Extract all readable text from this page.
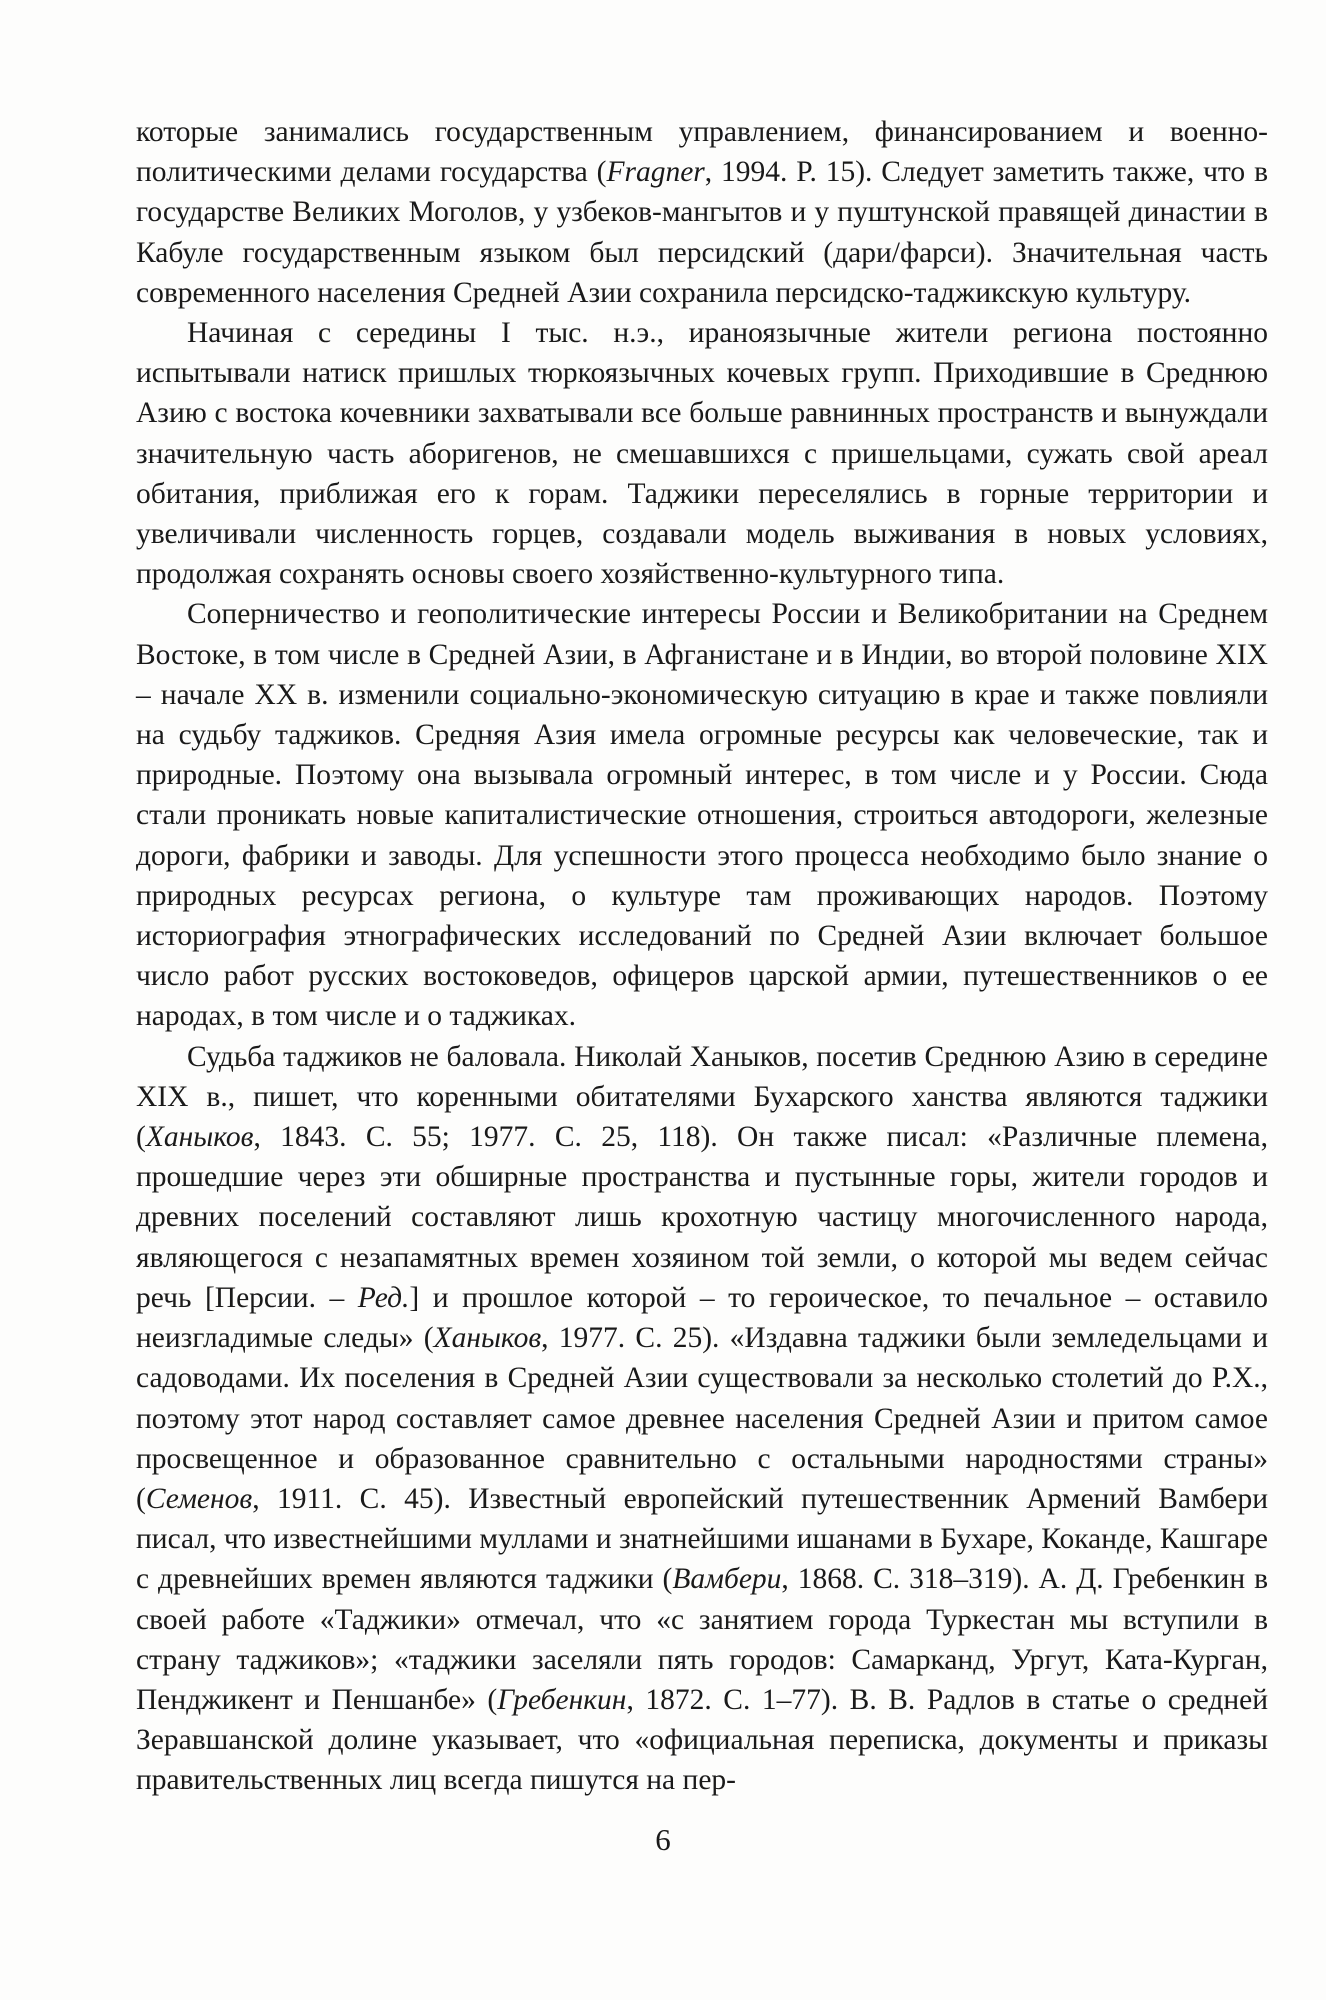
которые занимались государственным управлением, финансированием и военно-политическими делами государства (Fragner, 1994. P. 15). Следует заметить также, что в государстве Великих Моголов, у узбеков-мангытов и у пуштунской правящей династии в Кабуле государственным языком был персидский (дари/фарси). Значительная часть современного населения Средней Азии сохранила персидско-таджикскую культуру.

Начиная с середины I тыс. н.э., ираноязычные жители региона постоянно испытывали натиск пришлых тюркоязычных кочевых групп. Приходившие в Среднюю Азию с востока кочевники захватывали все больше равнинных пространств и вынуждали значительную часть аборигенов, не смешавшихся с пришельцами, сужать свой ареал обитания, приближая его к горам. Таджики переселялись в горные территории и увеличивали численность горцев, создавали модель выживания в новых условиях, продолжая сохранять основы своего хозяйственно-культурного типа.

Соперничество и геополитические интересы России и Великобритании на Среднем Востоке, в том числе в Средней Азии, в Афганистане и в Индии, во второй половине XIX – начале XX в. изменили социально-экономическую ситуацию в крае и также повлияли на судьбу таджиков. Средняя Азия имела огромные ресурсы как человеческие, так и природные. Поэтому она вызывала огромный интерес, в том числе и у России. Сюда стали проникать новые капиталистические отношения, строиться автодороги, железные дороги, фабрики и заводы. Для успешности этого процесса необходимо было знание о природных ресурсах региона, о культуре там проживающих народов. Поэтому историография этнографических исследований по Средней Азии включает большое число работ русских востоковедов, офицеров царской армии, путешественников о ее народах, в том числе и о таджиках.

Судьба таджиков не баловала. Николай Ханыков, посетив Среднюю Азию в середине XIX в., пишет, что коренными обитателями Бухарского ханства являются таджики (Ханыков, 1843. С. 55; 1977. С. 25, 118). Он также писал: «Различные племена, прошедшие через эти обширные пространства и пустынные горы, жители городов и древних поселений составляют лишь крохотную частицу многочисленного народа, являющегося с незапамятных времен хозяином той земли, о которой мы ведем сейчас речь [Персии. – Ред.] и прошлое которой – то героическое, то печальное – оставило неизгладимые следы» (Ханыков, 1977. С. 25). «Издавна таджики были земледельцами и садоводами. Их поселения в Средней Азии существовали за несколько столетий до Р.Х., поэтому этот народ составляет самое древнее населения Средней Азии и притом самое просвещенное и образованное сравнительно с остальными народностями страны» (Семенов, 1911. С. 45). Известный европейский путешественник Армений Вамбери писал, что известнейшими муллами и знатнейшими ишанами в Бухаре, Коканде, Кашгаре с древнейших времен являются таджики (Вамбери, 1868. С. 318–319). А. Д. Гребенкин в своей работе «Таджики» отмечал, что «с занятием города Туркестан мы вступили в страну таджиков»; «таджики заселяли пять городов: Самарканд, Ургут, Ката-Курган, Пенджикент и Пеншанбе» (Гребенкин, 1872. С. 1–77). В. В. Радлов в статье о средней Зеравшанской долине указывает, что «официальная переписка, документы и приказы правительственных лиц всегда пишутся на пер-

6
